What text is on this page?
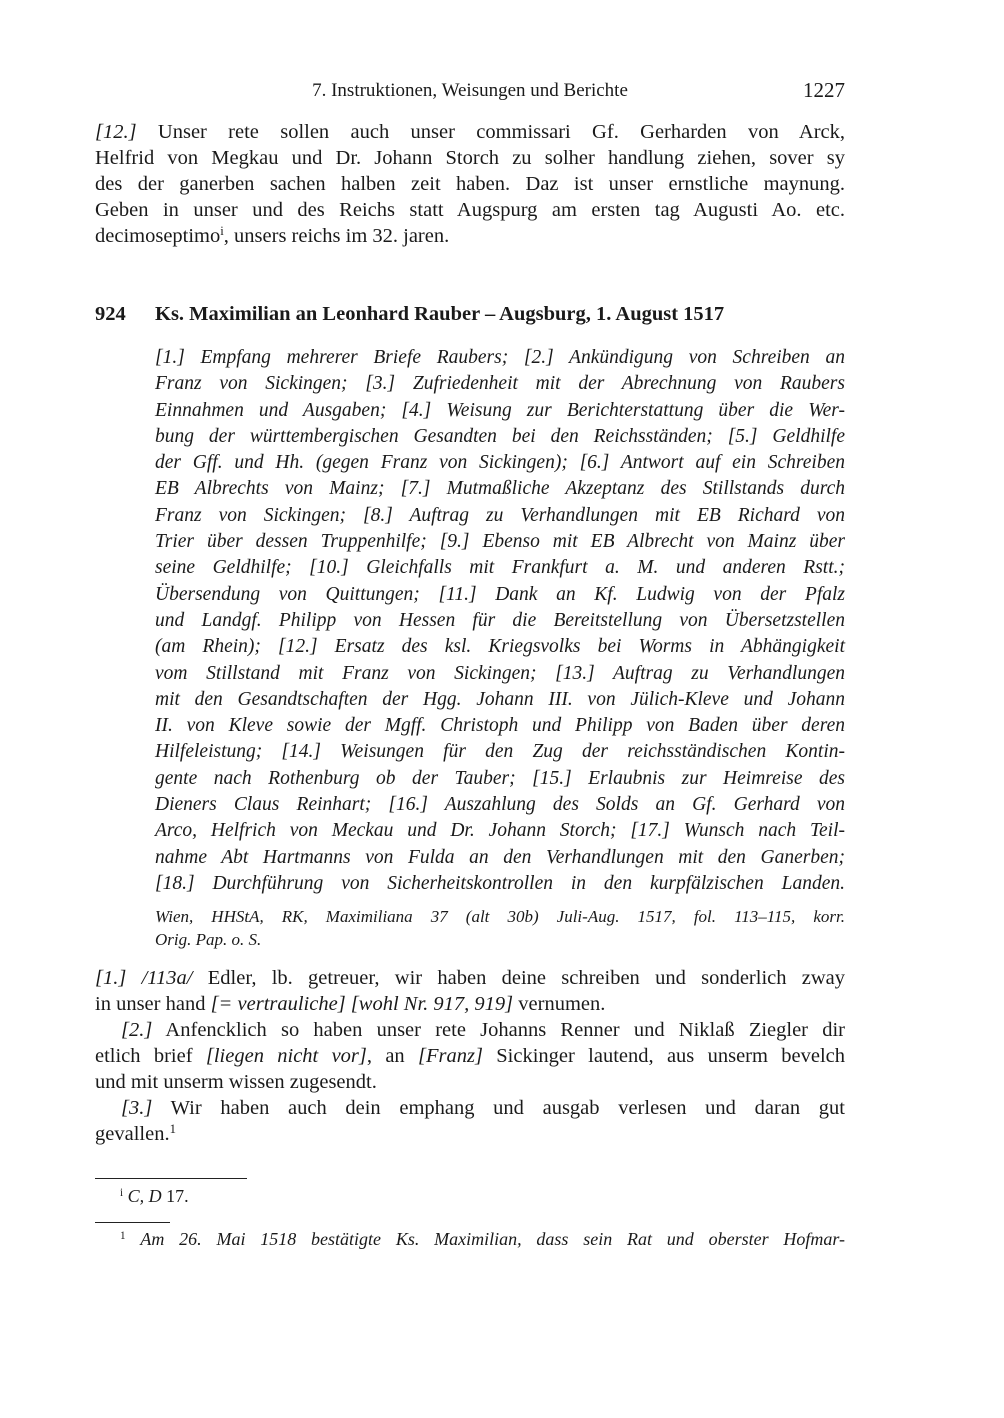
7. Instruktionen, Weisungen und Berichte	1227
[12.] Unser rete sollen auch unser commissari Gf. Gerharden von Arck,
Helfrid von Megkau und Dr. Johann Storch zu solher handlung ziehen, sover sy
des der ganerben sachen halben zeit haben. Daz ist unser ernstliche maynung.
Geben in unser und des Reichs statt Augspurg am ersten tag Augusti Ao. etc.
decimoseptimo$^i$, unsers reichs im 32. jaren.
924 Ks. Maximilian an Leonhard Rauber – Augsburg, 1. August 1517
[1.] Empfang mehrerer Briefe Raubers; [2.] Ankündigung von Schreiben an
Franz von Sickingen; [3.] Zufriedenheit mit der Abrechnung von Raubers
Einnahmen und Ausgaben; [4.] Weisung zur Berichterstattung über die Wer-
bung der württembergischen Gesandten bei den Reichsständen; [5.] Geldhilfe
der Gff. und Hh. (gegen Franz von Sickingen); [6.] Antwort auf ein Schreiben
EB Albrechts von Mainz; [7.] Mutmaßliche Akzeptanz des Stillstands durch
Franz von Sickingen; [8.] Auftrag zu Verhandlungen mit EB Richard von
Trier über dessen Truppenhilfe; [9.] Ebenso mit EB Albrecht von Mainz über
seine Geldhilfe; [10.] Gleichfalls mit Frankfurt a. M. und anderen Rstt.;
Übersendung von Quittungen; [11.] Dank an Kf. Ludwig von der Pfalz
und Landgf. Philipp von Hessen für die Bereitstellung von Übersetzstellen
(am Rhein); [12.] Ersatz des ksl. Kriegsvolks bei Worms in Abhängigkeit
vom Stillstand mit Franz von Sickingen; [13.] Auftrag zu Verhandlungen
mit den Gesandtschaften der Hgg. Johann III. von Jülich-Kleve und Johann
II. von Kleve sowie der Mgff. Christoph und Philipp von Baden über deren
Hilfeleistung; [14.] Weisungen für den Zug der reichsständischen Kontin-
gente nach Rothenburg ob der Tauber; [15.] Erlaubnis zur Heimreise des
Dieners Claus Reinhart; [16.] Auszahlung des Solds an Gf. Gerhard von
Arco, Helfrich von Meckau und Dr. Johann Storch; [17.] Wunsch nach Teil-
nahme Abt Hartmanns von Fulda an den Verhandlungen mit den Ganerben;
[18.] Durchführung von Sicherheitskontrollen in den kurpfälzischen Landen.
Wien, HHStA, RK, Maximiliana 37 (alt 30b) Juli-Aug. 1517, fol. 113–115, korr.
Orig. Pap. o. S.
[1.] /113a/ Edler, lb. getreuer, wir haben deine schreiben und sonderlich zway
in unser hand [= vertrauliche] [wohl Nr. 917, 919] vernumen.
[2.] Anfencklich so haben unser rete Johanns Renner und Niklaß Ziegler dir
etlich brief [liegen nicht vor], an [Franz] Sickinger lautend, aus unserm bevelch
und mit unserm wissen zugesendt.
[3.] Wir haben auch dein emphang und ausgab verlesen und daran gut
gevallen.$^1$
$^i$ C, D 17.
$^1$ Am 26. Mai 1518 bestätigte Ks. Maximilian, dass sein Rat und oberster Hofmar-
